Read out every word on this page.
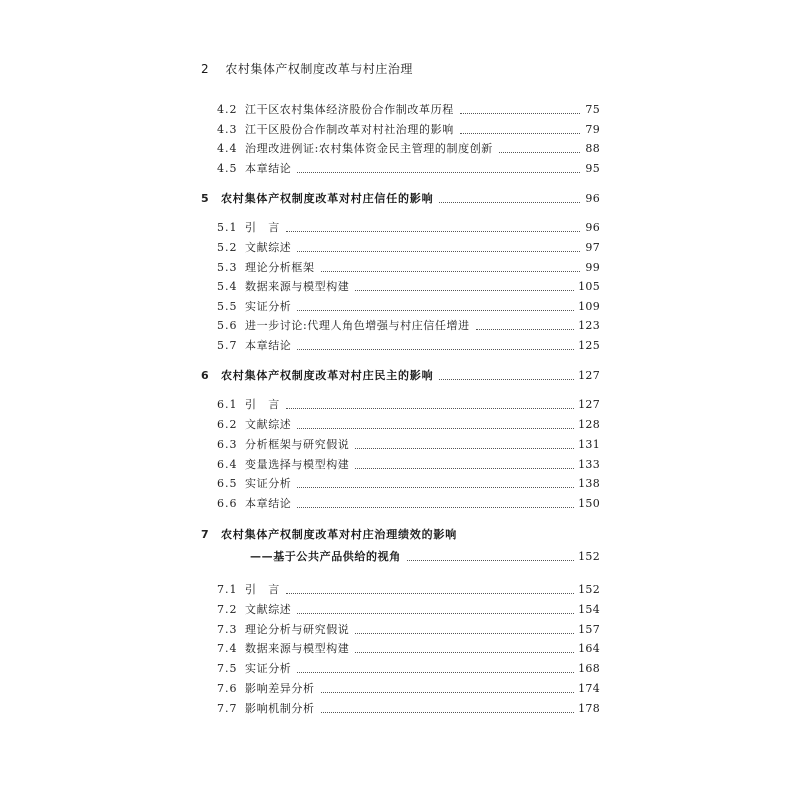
2 农村集体产权制度改革与村庄治理
4.2 江干区农村集体经济股份合作制改革历程	75
4.3 江干区股份合作制改革对村社治理的影响	79
4.4 治理改进例证:农村集体资金民主管理的制度创新	88
4.5 本章结论	95
5	农村集体产权制度改革对村庄信任的影响	96
5.1 引　言	96
5.2 文献综述	97
5.3 理论分析框架	99
5.4 数据来源与模型构建	105
5.5 实证分析	109
5.6 进一步讨论:代理人角色增强与村庄信任增进	123
5.7 本章结论	125
6	农村集体产权制度改革对村庄民主的影响	127
6.1 引　言	127
6.2 文献综述	128
6.3 分析框架与研究假说	131
6.4 变量选择与模型构建	133
6.5 实证分析	138
6.6 本章结论	150
7	农村集体产权制度改革对村庄治理绩效的影响
——基于公共产品供给的视角	152
7.1 引　言	152
7.2 文献综述	154
7.3 理论分析与研究假说	157
7.4 数据来源与模型构建	164
7.5 实证分析	168
7.6 影响差异分析	174
7.7 影响机制分析	178
